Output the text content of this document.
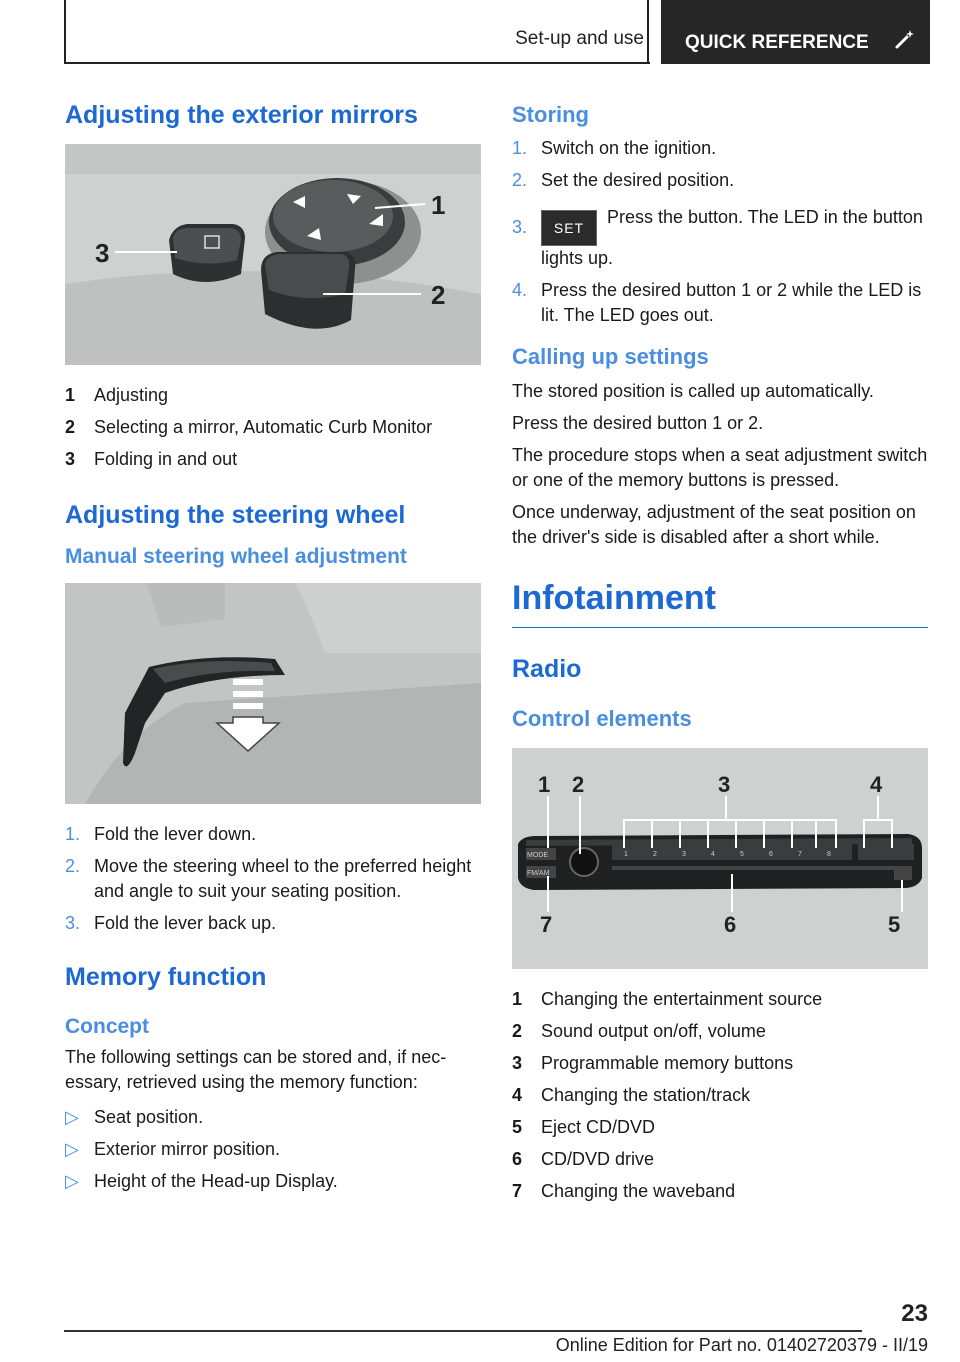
Set-up and use	QUICK REFERENCE
Adjusting the exterior mirrors
3
1
2
1 Adjusting
2 Selecting a mirror, Automatic Curb Monitor
3 Folding in and out
Adjusting the steering wheel
Manual steering wheel adjustment
1. Fold the lever down.
2. Move the steering wheel to the preferred height and angle to suit your seating position.
3. Fold the lever back up.
Memory function
Concept

The following settings can be stored and, if nec-essary, retrieved using the memory function:

▷ Seat position.
▷ Exterior mirror position.
▷ Height of the Head-up Display.
Storing
1. Switch on the ignition.
2. Set the desired position.
3. SETPress the button. The LED in the button lights up.
4. Press the desired button 1 or 2 while the LED is lit. The LED goes out.
Calling up settings

The stored position is called up automatically.

Press the desired button 1 or 2.

The procedure stops when a seat adjustment switch or one of the memory buttons is pressed.

Once underway, adjustment of the seat position on the driver's side is disabled after a short while.

Infotainment
Radio
Control elements
MODE
FM/AM
1	2	3	4	5	6	7	8
1 2	3	4
5
6
7
1 Changing the entertainment source
2 Sound output on/off, volume
3 Programmable memory buttons
4 Changing the station/track
5 Eject CD/DVD
6 CD/DVD drive
7 Changing the waveband
23
Online Edition for Part no. 01402720379 - II/19
